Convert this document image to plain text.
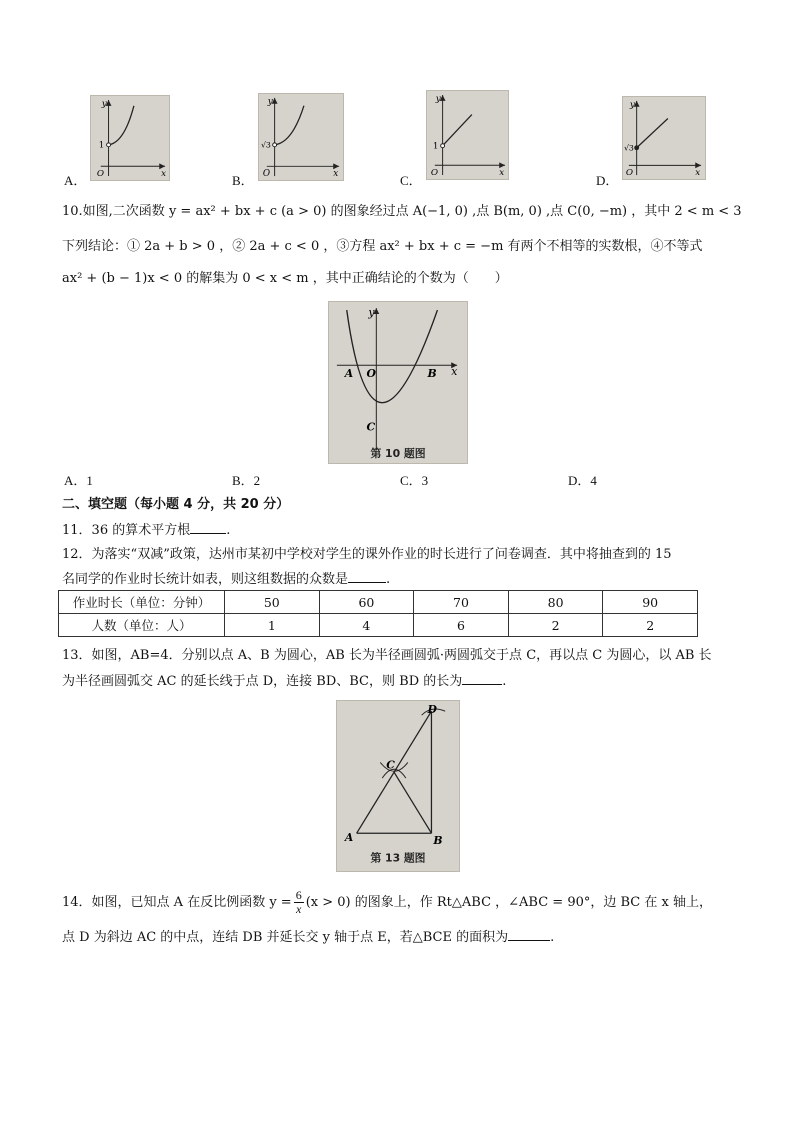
y
1
O	x
y
√3
O	x
y
1
O	x
y
√3
O	x
A．	B．	C．	D．
10.如图,二次函数 y = ax² + bx + c (a > 0) 的图象经过点 A(−1, 0) ,点 B(m, 0) ,点 C(0, −m) ，其中 2 < m < 3
下列结论：① 2a + b > 0 ，② 2a + c < 0 ，③方程 ax² + bx + c = −m 有两个不相等的实数根，④不等式
ax² + (b − 1)x < 0 的解集为 0 < x < m ，其中正确结论的个数为（　　）
y
x
A O	B
C
第 10 题图
A．1	B．2	C．3	D．4
二、填空题（每小题 4 分，共 20 分）
11．36 的算术平方根	.
12．为落实“双减”政策，达州市某初中学校对学生的课外作业的时长进行了问卷调查．其中将抽查到的 15
名同学的作业时长统计如表，则这组数据的众数是	.
作业时长（单位：分钟）	50	60	70	80	90
人数（单位：人）	1	4	6	2	2
13．如图，AB=4．分别以点 A、B 为圆心，AB 长为半径画圆弧·两圆弧交于点 C，再以点 C 为圆心，以 AB 长
为半径画圆弧交 AC 的延长线于点 D，连接 BD、BC，则 BD 的长为	.
A	B
C
D
第 13 题图
14．如图，已知点 A 在反比例函数 $y = \frac{6}{x} (x > 0)$ 的图象上，作 Rt△ABC ，∠ABC = 90°，边 BC 在 x 轴上，
点 D 为斜边 AC 的中点，连结 DB 并延长交 y 轴于点 E，若△BCE 的面积为	.
